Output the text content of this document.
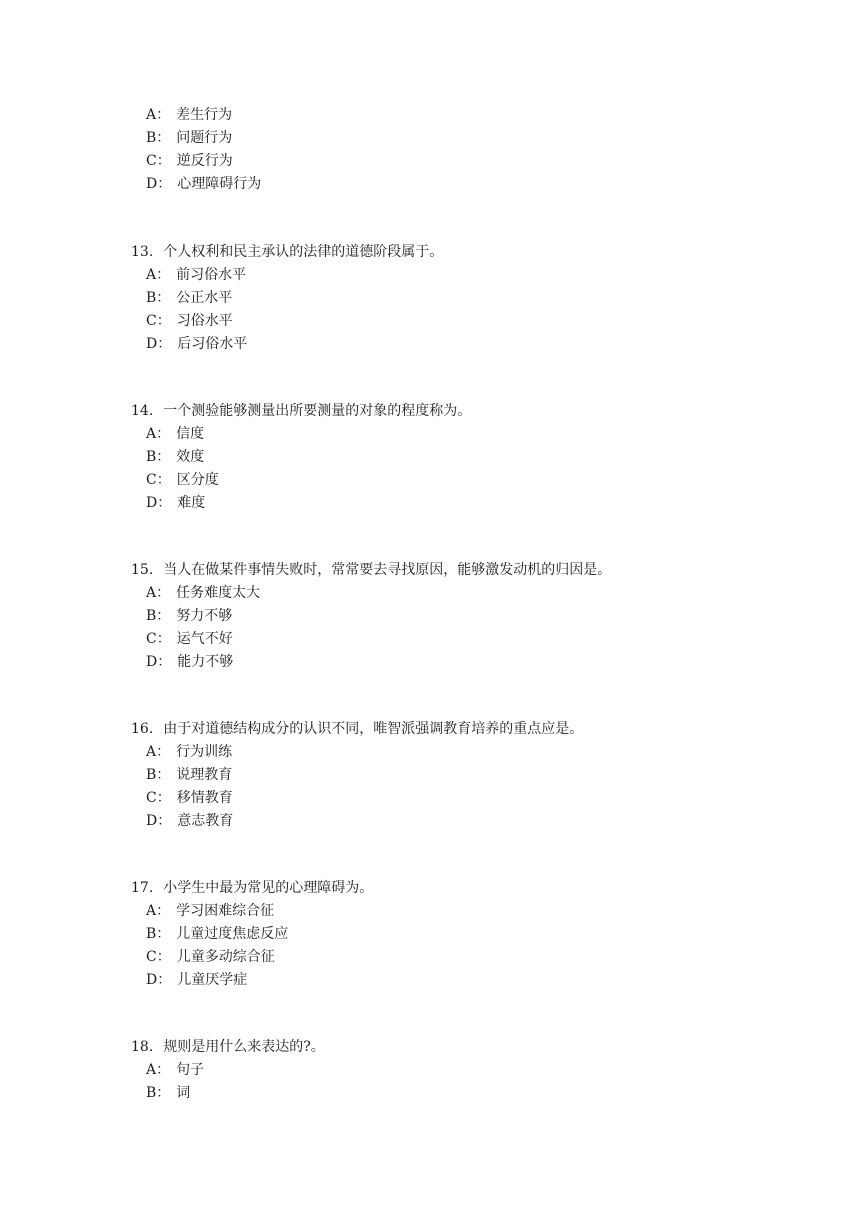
A： 差生行为
B： 问题行为
C： 逆反行为
D： 心理障碍行为
13. 个人权利和民主承认的法律的道德阶段属于。
A： 前习俗水平
B： 公正水平
C： 习俗水平
D： 后习俗水平
14. 一个测验能够测量出所要测量的对象的程度称为。
A： 信度
B： 效度
C： 区分度
D： 难度
15. 当人在做某件事情失败时，常常要去寻找原因，能够激发动机的归因是。
A： 任务难度太大
B： 努力不够
C： 运气不好
D： 能力不够
16. 由于对道德结构成分的认识不同，唯智派强调教育培养的重点应是。
A： 行为训练
B： 说理教育
C： 移情教育
D： 意志教育
17. 小学生中最为常见的心理障碍为。
A： 学习困难综合征
B： 儿童过度焦虑反应
C： 儿童多动综合征
D： 儿童厌学症
18. 规则是用什么来表达的?。
A： 句子
B： 词
